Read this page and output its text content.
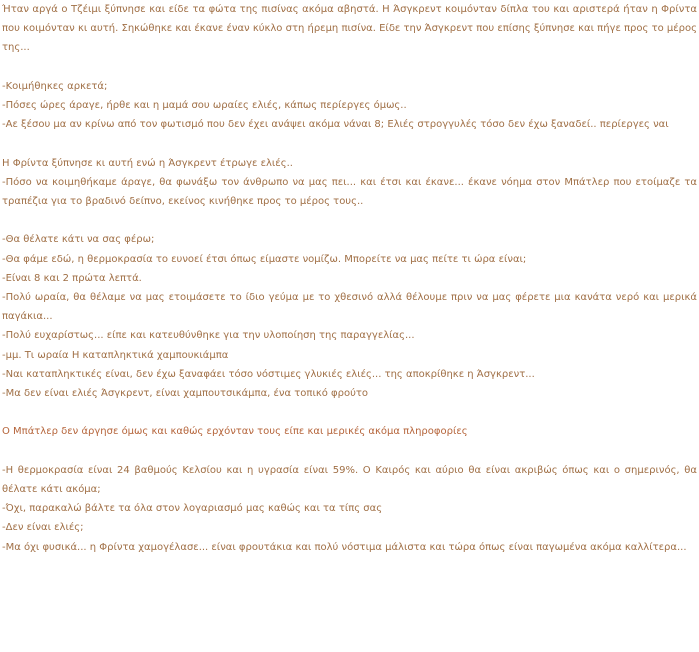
Ήταν αργά ο Τζέιμι ξύπνησε και είδε τα φώτα της πισίνας ακόμα αβηστά. Η Άσγκρεντ κοιμόνταν δίπλα του και αριστερά ήταν η Φρίντα που κοιμόνταν κι αυτή. Σηκώθηκε και έκανε έναν κύκλο στη ήρεμη πισίνα. Είδε την Άσγκρεντ που επίσης ξύπνησε και πήγε προς το μέρος της...

-Κοιμήθηκες αρκετά;

-Πόσες ώρες άραγε, ήρθε και η μαμά σου ωραίες ελιές, κάπως περίεργες όμως..

-Αε ξέσου μα αν κρίνω από τον φωτισμό που δεν έχει ανάψει ακόμα νάναι 8; Ελιές στρογγυλές τόσο δεν έχω ξαναδεί.. περίεργες ναι

Η Φρίντα ξύπνησε κι αυτή ενώ η Άσγκρεντ έτρωγε ελιές..

-Πόσο να κοιμηθήκαμε άραγε, θα φωνάξω τον άνθρωπο να μας πει... και έτσι και έκανε... έκανε νόημα στον Μπάτλερ που ετοίμαζε τα τραπέζια για το βραδινό δείπνο, εκείνος κινήθηκε προς το μέρος τους..

-Θα θέλατε κάτι να σας φέρω;

-Θα φάμε εδώ, η θερμοκρασία το ευνοεί έτσι όπως είμαστε νομίζω. Μπορείτε να μας πείτε τι ώρα είναι;

-Είναι 8 και 2 πρώτα λεπτά.

-Πολύ ωραία, θα θέλαμε να μας ετοιμάσετε το ίδιο γεύμα με το χθεσινό αλλά θέλουμε πριν να μας φέρετε μια κανάτα νερό και μερικά παγάκια...

-Πολύ ευχαρίστως... είπε και κατευθύνθηκε για την υλοποίηση της παραγγελίας...

-μμ. Τι ωραία Η καταπληκτικά χαμπουκιάμπα

-Ναι καταπληκτικές είναι, δεν έχω ξαναφάει τόσο νόστιμες γλυκιές ελιές... της αποκρίθηκε η Άσγκρεντ...

-Μα δεν είναι ελιές Άσγκρεντ, είναι χαμπουτσικάμπα, ένα τοπικό φρούτο

Ο Μπάτλερ δεν άργησε όμως και καθώς ερχόνταν τους είπε και μερικές ακόμα πληροφορίες

-Η θερμοκρασία είναι 24 βαθμούς Κελσίου και η υγρασία είναι 59%. Ο Καιρός και αύριο θα είναι ακριβώς όπως και ο σημερινός, θα θέλατε κάτι ακόμα;

-Όχι, παρακαλώ βάλτε τα όλα στον λογαριασμό μας καθώς και τα τίπς σας

-Δεν είναι ελιές;

-Μα όχι φυσικά... η Φρίντα χαμογέλασε... είναι φρουτάκια και πολύ νόστιμα μάλιστα και τώρα όπως είναι παγωμένα ακόμα καλλίτερα...
